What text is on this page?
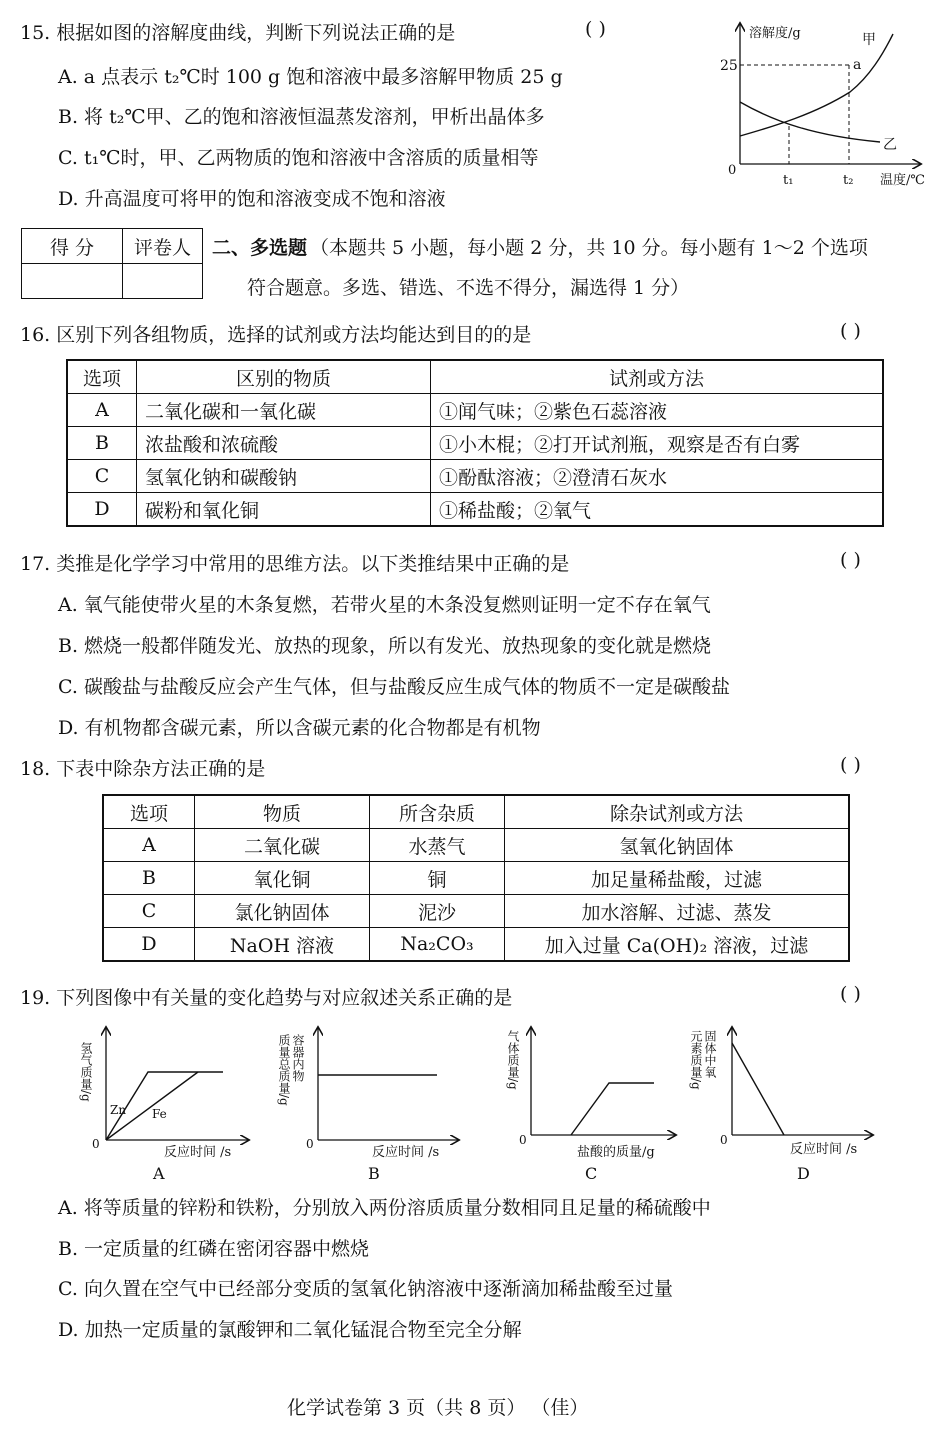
15. 根据如图的溶解度曲线，判断下列说法正确的是	( )
A. a 点表示 t₂℃时 100 g 饱和溶液中最多溶解甲物质 25 g
B. 将 t₂℃甲、乙的饱和溶液恒温蒸发溶剂，甲析出晶体多
C. t₁℃时，甲、乙两物质的饱和溶液中含溶质的质量相等
D. 升高温度可将甲的饱和溶液变成不饱和溶液
溶解度/g
温度/℃
25
0
t₁	t₂
甲
乙
a
得 分	评卷人
	二、多选题 （本题共 5 小题，每小题 2 分，共 10 分。每小题有 1～2 个选项
符合题意。多选、错选、不选不得分，漏选得 1 分）
16. 区别下列各组物质，选择的试剂或方法均能达到目的的是	( )
选项	区别的物质	试剂或方法
A	二氧化碳和一氧化碳	①闻气味；②紫色石蕊溶液
B	浓盐酸和浓硫酸	①小木棍；②打开试剂瓶，观察是否有白雾
C	氢氧化钠和碳酸钠	①酚酞溶液；②澄清石灰水
D	碳粉和氧化铜	①稀盐酸；②氧气
17. 类推是化学学习中常用的思维方法。以下类推结果中正确的是	( )
A. 氧气能使带火星的木条复燃，若带火星的木条没复燃则证明一定不存在氧气
B. 燃烧一般都伴随发光、放热的现象，所以有发光、放热现象的变化就是燃烧
C. 碳酸盐与盐酸反应会产生气体，但与盐酸反应生成气体的物质不一定是碳酸盐
D. 有机物都含碳元素，所以含碳元素的化合物都是有机物
18. 下表中除杂方法正确的是	( )
选项	物质	所含杂质	除杂试剂或方法
A	二氧化碳	水蒸气	氢氧化钠固体
B	氧化铜	铜	加足量稀盐酸，过滤
C	氯化钠固体	泥沙	加水溶解、过滤、蒸发
D	NaOH 溶液	Na₂CO₃	加入过量 Ca(OH)₂ 溶液，过滤
19. 下列图像中有关量的变化趋势与对应叙述关系正确的是	( )
氢气质量/g
Zn Fe
0
反应时间 /s
A
质量总质量/g 容器内物
0
反应时间 /s
B
气体质量/g
0
盐酸的质量/g
C
元素质量/g 固体中氧
0
反应时间 /s
D
A. 将等质量的锌粉和铁粉，分别放入两份溶质质量分数相同且足量的稀硫酸中
B. 一定质量的红磷在密闭容器中燃烧
C. 向久置在空气中已经部分变质的氢氧化钠溶液中逐渐滴加稀盐酸至过量
D. 加热一定质量的氯酸钾和二氧化锰混合物至完全分解
化学试卷第 3 页（共 8 页） （佳）
